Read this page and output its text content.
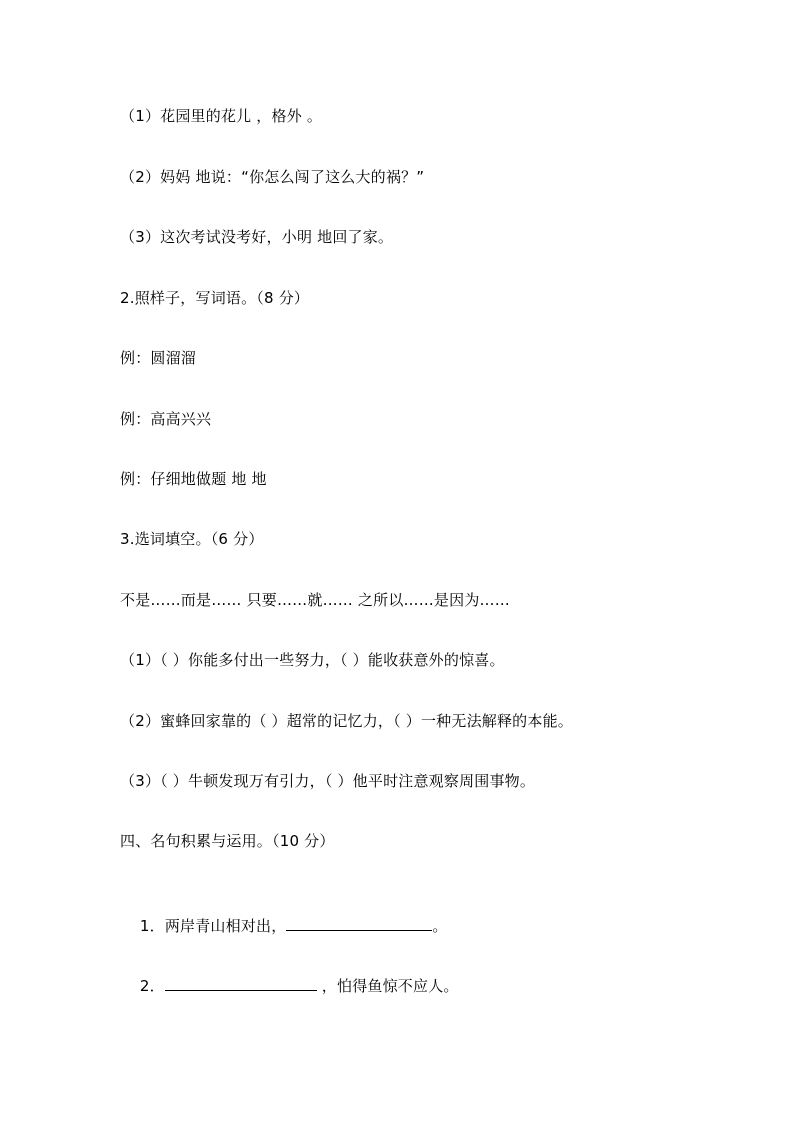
（1）花园里的花儿 ，格外 。
（2）妈妈 地说：“你怎么闯了这么大的祸？”
（3）这次考试没考好，小明 地回了家。
2.照样子，写词语。（8 分）
例：圆溜溜
例：高高兴兴
例：仔细地做题 地 地
3.选词填空。（6 分）
不是……而是…… 只要……就…… 之所以……是因为……
（1）（ ）你能多付出一些努力，（ ）能收获意外的惊喜。
（2）蜜蜂回家靠的（ ）超常的记忆力，（ ）一种无法解释的本能。
（3）（ ）牛顿发现万有引力，（ ）他平时注意观察周围事物。
四、名句积累与运用。（10 分）

1．两岸青山相对出，	。

2．	，怕得鱼惊不应人。
